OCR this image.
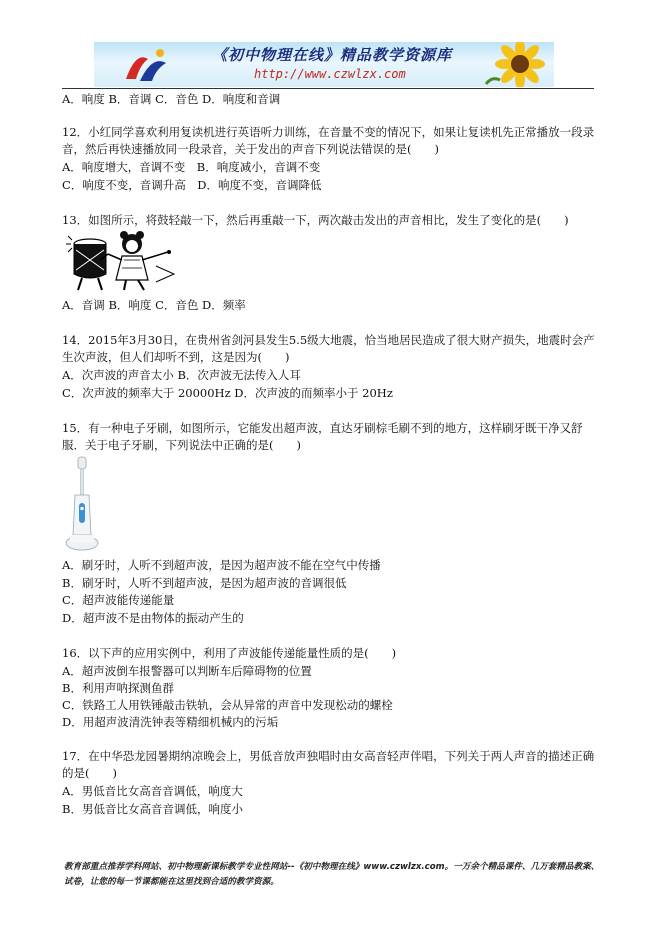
《初中物理在线》精品教学资源库
http://www.czwlzx.com
A．响度 B．音调 C．音色 D．响度和音调
12．小红同学喜欢利用复读机进行英语听力训练，在音量不变的情况下，如果让复读机先正常播放一段录音，然后再快速播放同一段录音，关于发出的声音下列说法错误的是(　　)
A．响度增大，音调不变　B．响度减小，音调不变
C．响度不变，音调升高　D．响度不变，音调降低
13．如图所示，将鼓轻敲一下，然后再重敲一下，两次敲击发出的声音相比，发生了变化的是(　　)
A．音调 B．响度 C．音色 D．频率
14．2015年3月30日，在贵州省剑河县发生5.5级大地震，恰当地居民造成了很大财产损失，地震时会产生次声波，但人们却听不到，这是因为(　　)
A．次声波的声音太小 B．次声波无法传入人耳
C．次声波的频率大于 20000Hz D．次声波的而频率小于 20Hz
15．有一种电子牙刷，如图所示，它能发出超声波，直达牙刷棕毛刷不到的地方，这样刷牙既干净又舒服．关于电子牙刷，下列说法中正确的是(　　)
A．刷牙时，人听不到超声波，是因为超声波不能在空气中传播
B．刷牙时，人听不到超声波，是因为超声波的音调很低
C．超声波能传递能量
D．超声波不是由物体的振动产生的
16．以下声的应用实例中，利用了声波能传递能量性质的是(　　)
A．超声波倒车报警器可以判断车后障碍物的位置
B．利用声呐探测鱼群
C．铁路工人用铁锤敲击铁轨，会从异常的声音中发现松动的螺栓
D．用超声波清洗钟表等精细机械内的污垢
17．在中华恐龙园暑期纳凉晚会上，男低音放声独唱时由女高音轻声伴唱，下列关于两人声音的描述正确的是(　　)
A．男低音比女高音音调低，响度大
B．男低音比女高音音调低，响度小
教育部重点推荐学科网站、初中物理新课标教学专业性网站--《初中物理在线》www.czwlzx.com。一万余个精品课件、几万套精品教案、试卷，让您的每一节课都能在这里找到合适的教学资源。
